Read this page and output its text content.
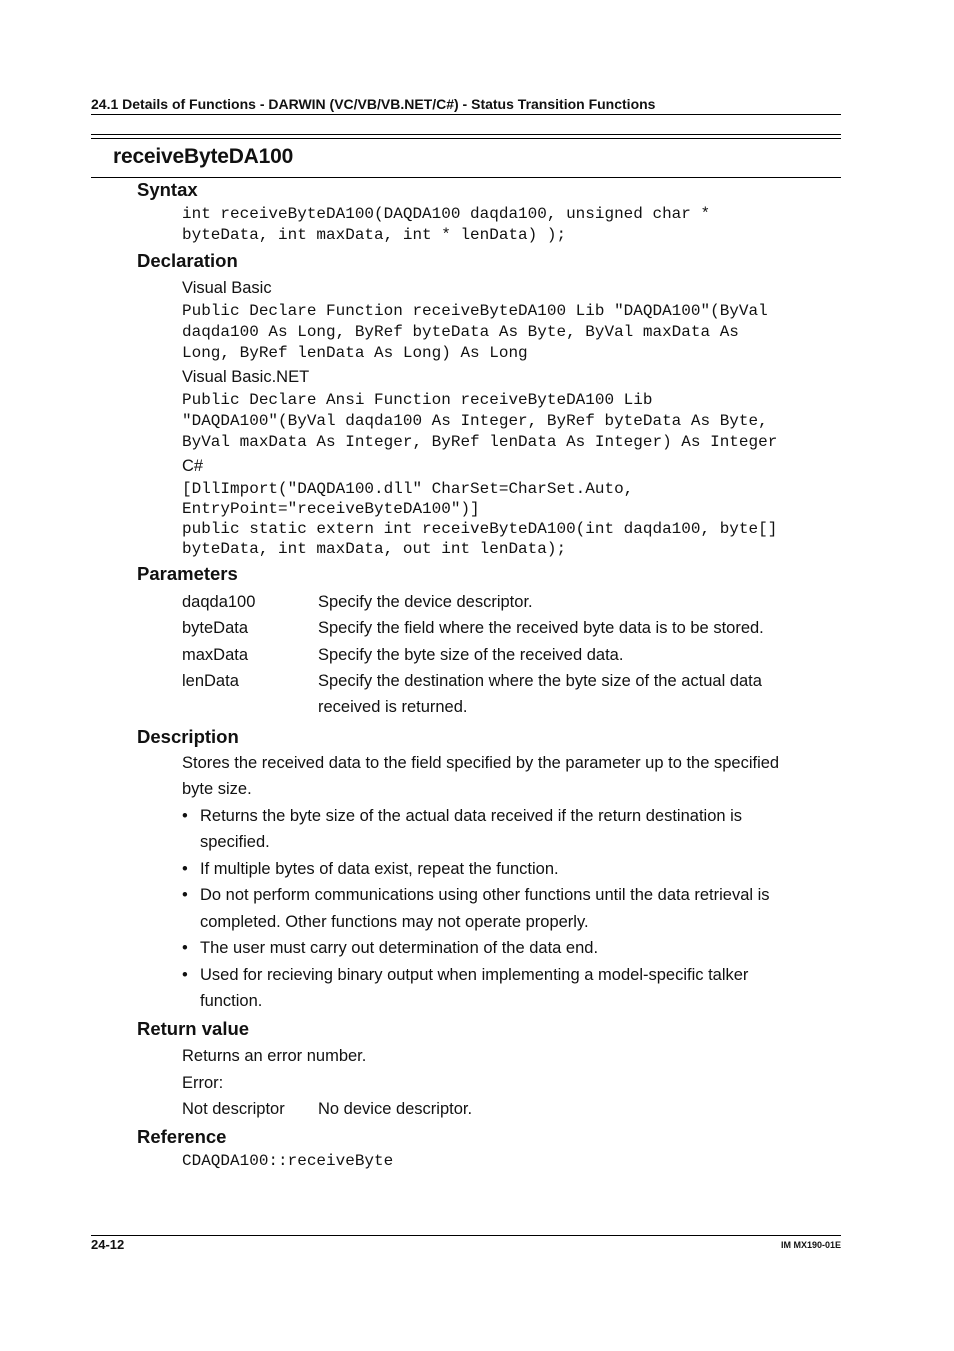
24.1 Details of Functions - DARWIN (VC/VB/VB.NET/C#) - Status Transition Functions
receiveByteDA100
Syntax
int receiveByteDA100(DAQDA100 daqda100, unsigned char *
byteData, int maxData, int * lenData) );
Declaration
Visual Basic
Public Declare Function receiveByteDA100 Lib "DAQDA100"(ByVal
daqda100 As Long, ByRef byteData As Byte, ByVal maxData As
Long, ByRef lenData As Long) As Long
Visual Basic.NET
Public Declare Ansi Function receiveByteDA100 Lib
"DAQDA100"(ByVal daqda100 As Integer, ByRef byteData As Byte,
ByVal maxData As Integer, ByRef lenData As Integer) As Integer
C#
[DllImport("DAQDA100.dll" CharSet=CharSet.Auto,
EntryPoint="receiveByteDA100")]
public static extern int receiveByteDA100(int daqda100, byte[]
byteData, int maxData, out int lenData);
Parameters
daqda100	Specify the device descriptor.
byteData	Specify the field where the received byte data is to be stored.
maxData	Specify the byte size of the received data.
lenData	Specify the destination where the byte size of the actual data
received is returned.
Description
Stores the received data to the field specified by the parameter up to the specified
byte size.
• Returns the byte size of the actual data received if the return destination is
specified.
• If multiple bytes of data exist, repeat the function.
• Do not perform communications using other functions until the data retrieval is
completed. Other functions may not operate properly.
• The user must carry out determination of the data end.
• Used for recieving binary output when implementing a model-specific talker
function.
Return value
Returns an error number.
Error:
Not descriptor No device descriptor.
Reference
CDAQDA100::receiveByte
24-12	IM MX190-01E
